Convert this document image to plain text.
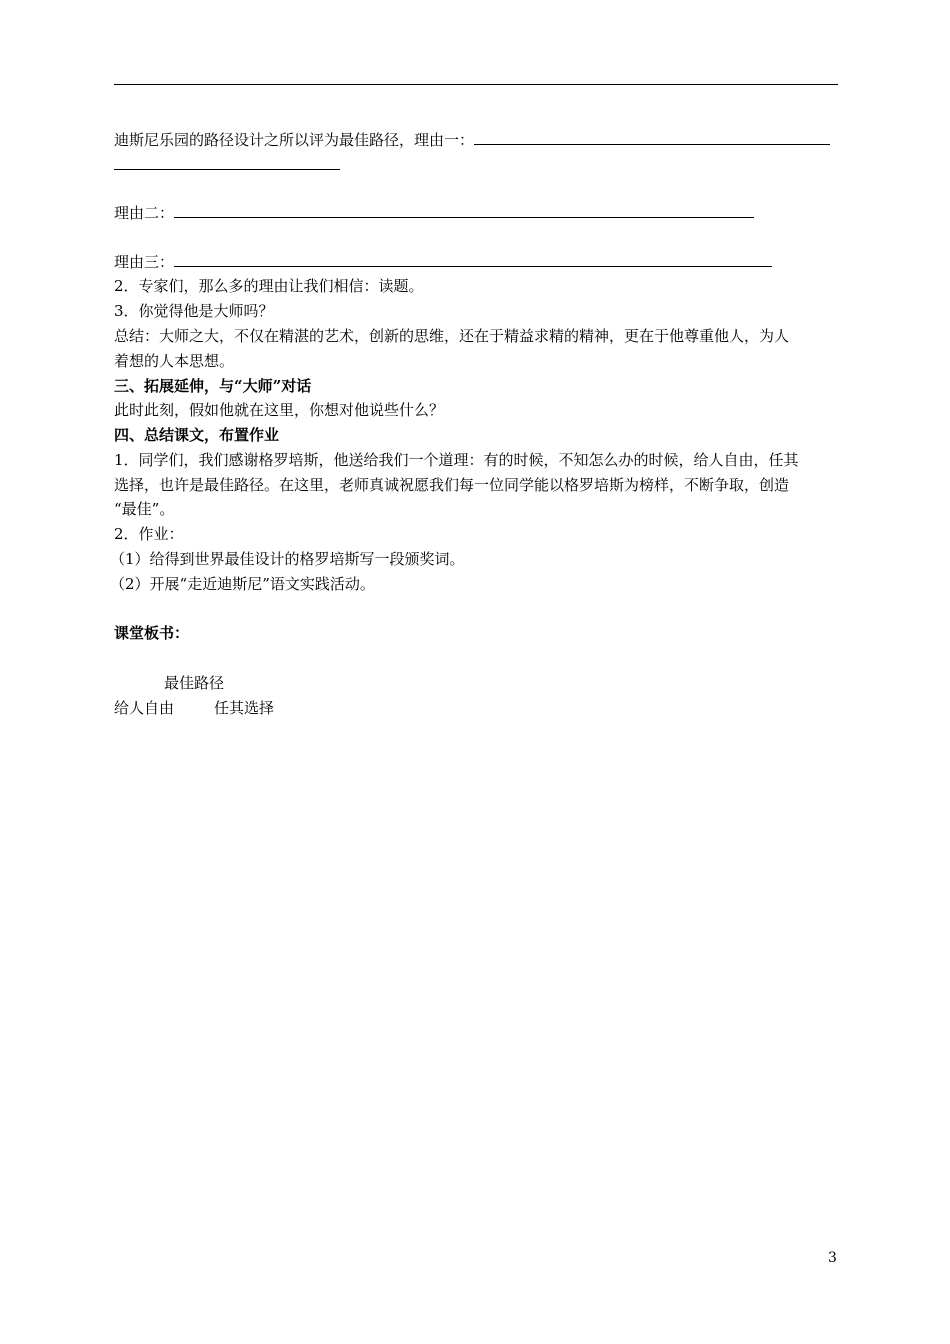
迪斯尼乐园的路径设计之所以评为最佳路径，理由一：
理由二：
理由三：
2．专家们，那么多的理由让我们相信：读题。
3．你觉得他是大师吗？
总结：大师之大，不仅在精湛的艺术，创新的思维，还在于精益求精的精神，更在于他尊重他人，为人
着想的人本思想。
三、拓展延伸，与“大师”对话
此时此刻，假如他就在这里，你想对他说些什么？
四、总结课文，布置作业
1．同学们，我们感谢格罗培斯，他送给我们一个道理：有的时候，不知怎么办的时候，给人自由，任其
选择，也许是最佳路径。在这里，老师真诚祝愿我们每一位同学能以格罗培斯为榜样，不断争取，创造
“最佳”。
2．作业：
（1）给得到世界最佳设计的格罗培斯写一段颁奖词。
（2）开展“走近迪斯尼”语文实践活动。
课堂板书：
最佳路径
给人自由	任其选择
3
